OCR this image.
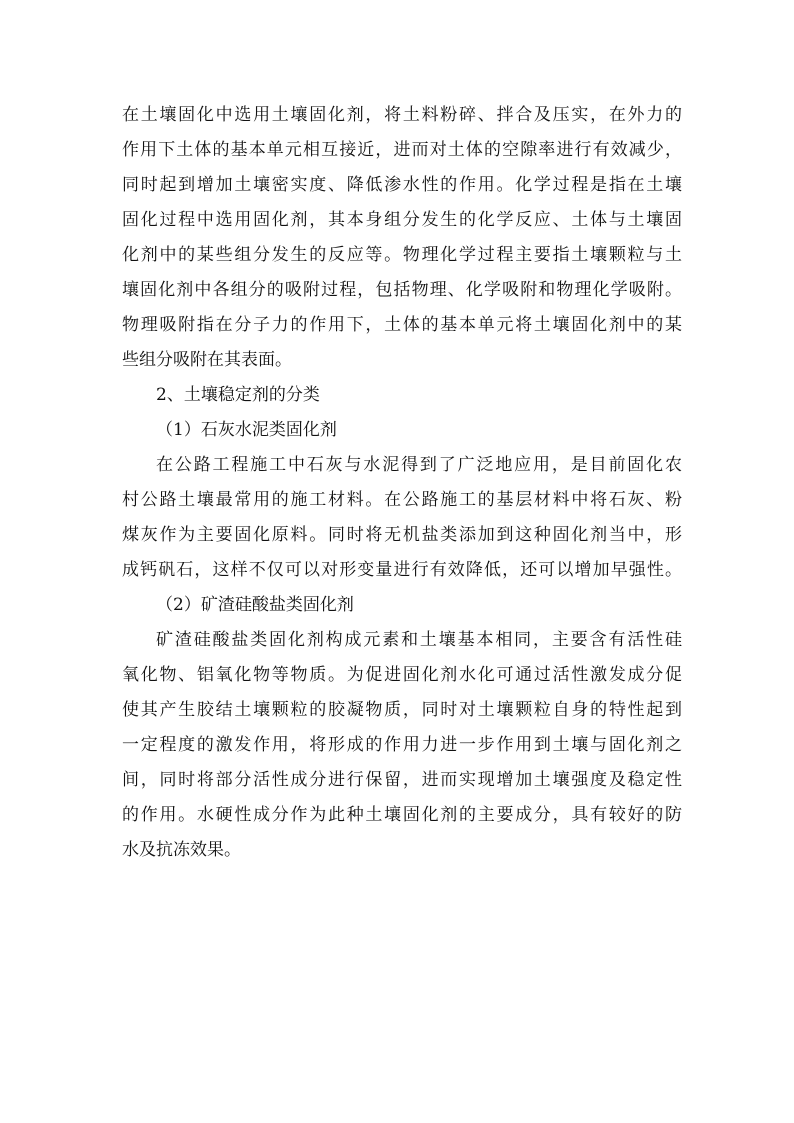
在土壤固化中选用土壤固化剂，将土料粉碎、拌合及压实，在外力的
作用下土体的基本单元相互接近，进而对土体的空隙率进行有效减少，
同时起到增加土壤密实度、降低渗水性的作用。化学过程是指在土壤
固化过程中选用固化剂，其本身组分发生的化学反应、土体与土壤固
化剂中的某些组分发生的反应等。物理化学过程主要指土壤颗粒与土
壤固化剂中各组分的吸附过程，包括物理、化学吸附和物理化学吸附。
物理吸附指在分子力的作用下，土体的基本单元将土壤固化剂中的某
些组分吸附在其表面。
2、土壤稳定剂的分类
（1）石灰水泥类固化剂
在公路工程施工中石灰与水泥得到了广泛地应用，是目前固化农
村公路土壤最常用的施工材料。在公路施工的基层材料中将石灰、粉
煤灰作为主要固化原料。同时将无机盐类添加到这种固化剂当中，形
成钙矾石，这样不仅可以对形变量进行有效降低，还可以增加早强性。
（2）矿渣硅酸盐类固化剂
矿渣硅酸盐类固化剂构成元素和土壤基本相同，主要含有活性硅
氧化物、铝氧化物等物质。为促进固化剂水化可通过活性激发成分促
使其产生胶结土壤颗粒的胶凝物质，同时对土壤颗粒自身的特性起到
一定程度的激发作用，将形成的作用力进一步作用到土壤与固化剂之
间，同时将部分活性成分进行保留，进而实现增加土壤强度及稳定性
的作用。水硬性成分作为此种土壤固化剂的主要成分，具有较好的防
水及抗冻效果。
